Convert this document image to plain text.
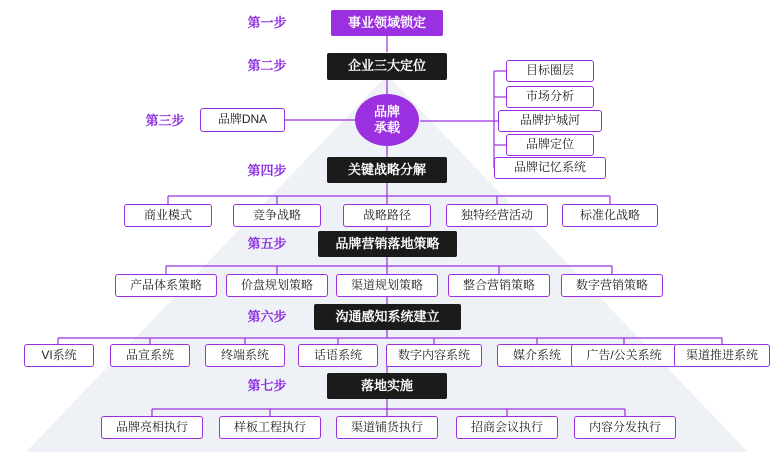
第一步
第二步
第三步
第四步
第五步
第六步
第七步
事业领域锁定
企业三大定位
品牌
承载
品牌DNA
关键战略分解
品牌营销落地策略
沟通感知系统建立
落地实施
目标圈层
市场分析
品牌护城河
品牌定位
品牌记忆系统
商业模式	竞争战略	战略路径	独特经营活动	标准化战略
产品体系策略	价盘规划策略	渠道规划策略	整合营销策略	数字营销策略
VI系统	品宣系统	终端系统	话语系统	数字内容系统	媒介系统	广告/公关系统	渠道推进系统
品牌亮相执行	样板工程执行	渠道铺货执行	招商会议执行	内容分发执行
